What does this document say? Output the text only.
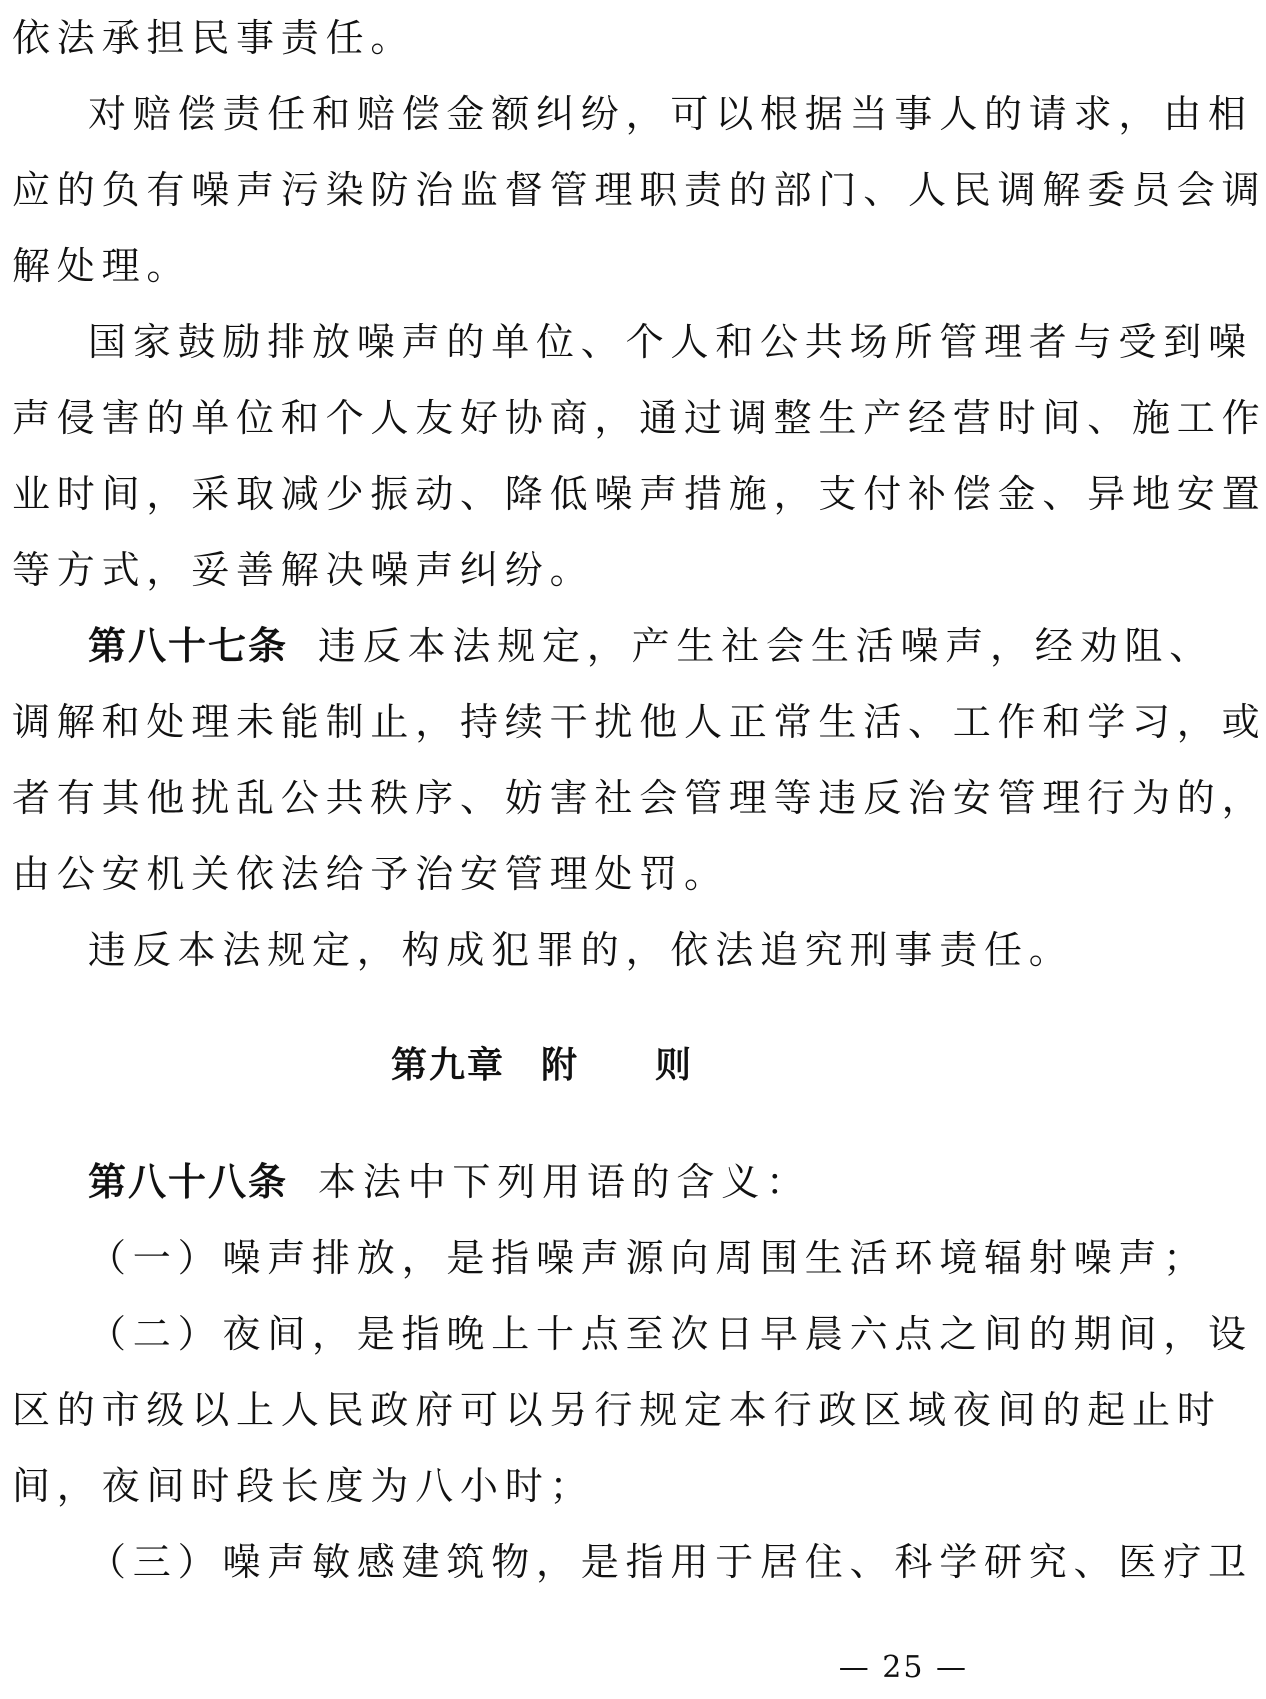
依法承担民事责任。

对赔偿责任和赔偿金额纠纷，可以根据当事人的请求，由相

应的负有噪声污染防治监督管理职责的部门、人民调解委员会调

解处理。

国家鼓励排放噪声的单位、个人和公共场所管理者与受到噪

声侵害的单位和个人友好协商，通过调整生产经营时间、施工作

业时间，采取减少振动、降低噪声措施，支付补偿金、异地安置

等方式，妥善解决噪声纠纷。

第八十七条 违反本法规定，产生社会生活噪声，经劝阻、

调解和处理未能制止，持续干扰他人正常生活、工作和学习，或

者有其他扰乱公共秩序、妨害社会管理等违反治安管理行为的，

由公安机关依法给予治安管理处罚。

违反本法规定，构成犯罪的，依法追究刑事责任。

第九章 附 则

第八十八条 本法中下列用语的含义：

（一）噪声排放，是指噪声源向周围生活环境辐射噪声；

（二）夜间，是指晚上十点至次日早晨六点之间的期间，设

区的市级以上人民政府可以另行规定本行政区域夜间的起止时

间，夜间时段长度为八小时；

（三）噪声敏感建筑物，是指用于居住、科学研究、医疗卫

— 25 —
